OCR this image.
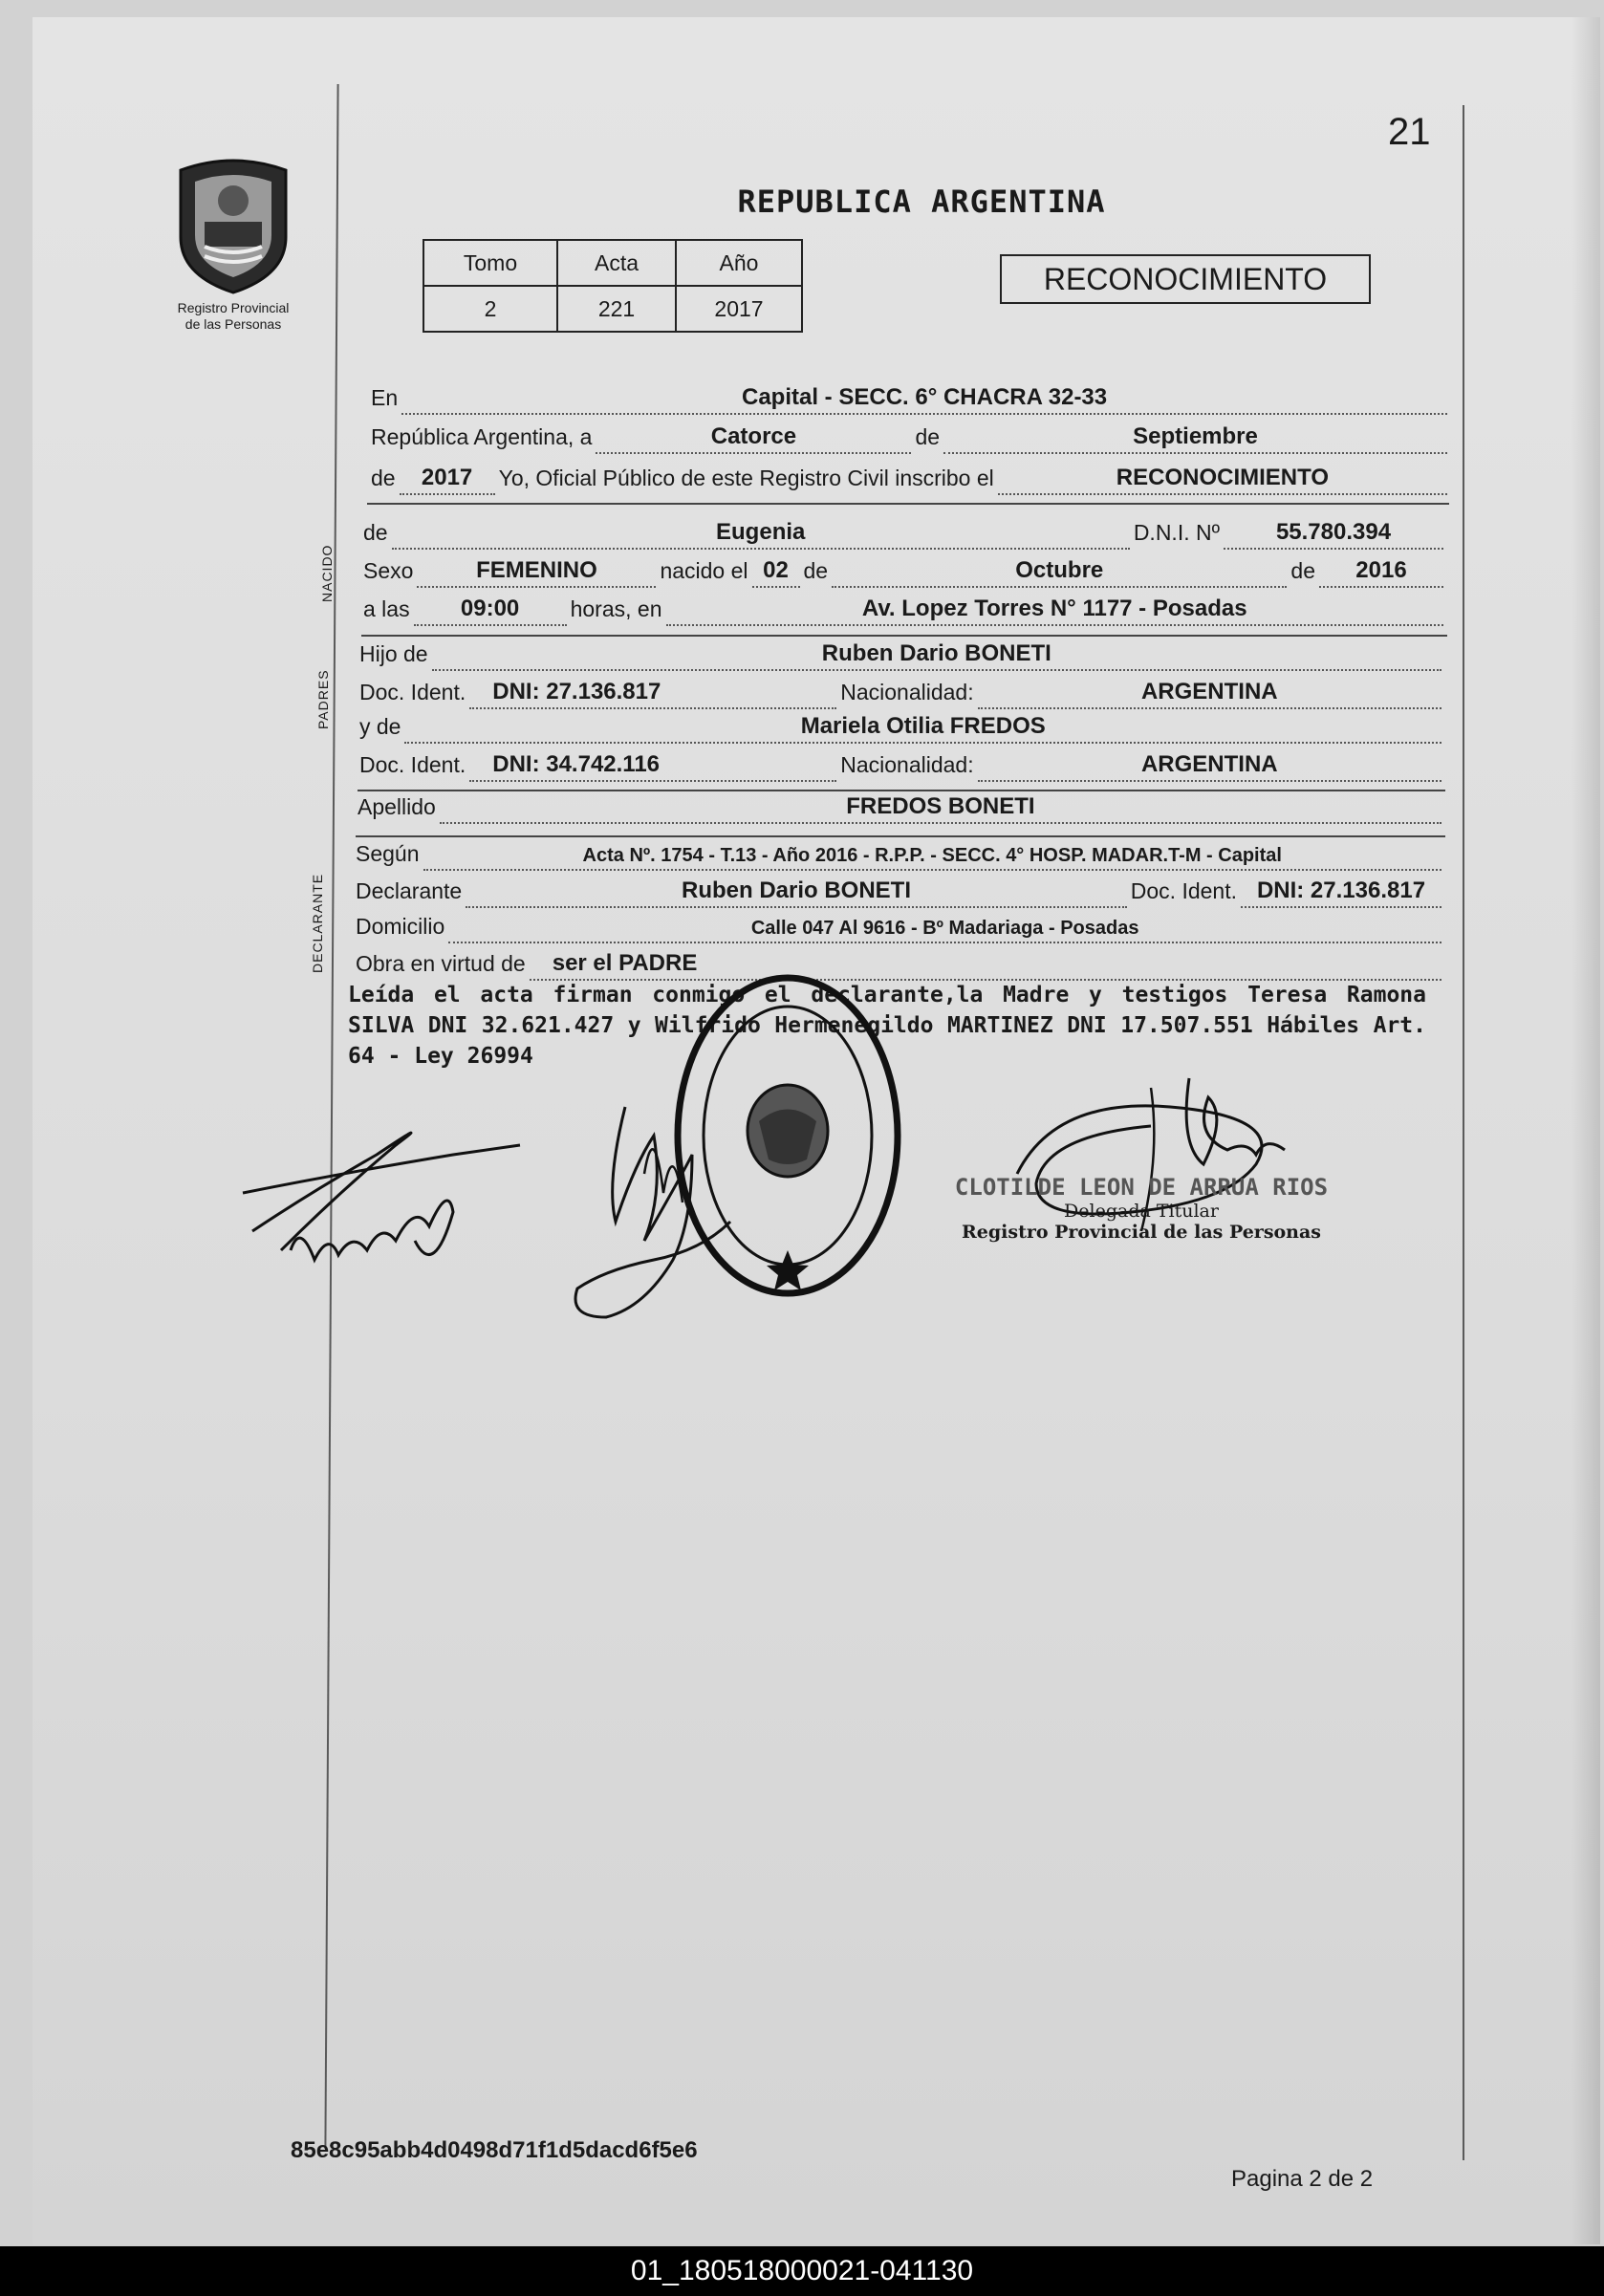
21
Registro Provincial
de las Personas
REPUBLICA ARGENTINA
Tomo	Acta	Año
2	221	2017
RECONOCIMIENTO
En	Capital - SECC. 6° CHACRA 32-33
República Argentina, a	Catorce	de	Septiembre
de	2017	Yo, Oficial Público de este Registro Civil inscribo el	RECONOCIMIENTO
NACIDO
de	Eugenia	D.N.I. Nº	55.780.394
Sexo	FEMENINO	nacido el 02 de	Octubre	de	2016
a las	09:00	horas, en	Av. Lopez Torres N° 1177 - Posadas
PADRES
Hijo de	Ruben Dario BONETI
Doc. Ident.	DNI: 27.136.817	Nacionalidad:	ARGENTINA
y de	Mariela Otilia FREDOS
Doc. Ident.	DNI: 34.742.116	Nacionalidad:	ARGENTINA
Apellido	FREDOS BONETI
DECLARANTE
Según	Acta Nº. 1754 - T.13 - Año 2016 - R.P.P. - SECC. 4° HOSP. MADAR.T-M - Capital
Declarante	Ruben Dario BONETI	Doc. Ident. DNI: 27.136.817
Domicilio	Calle 047 Al 9616 - Bº Madariaga - Posadas
Obra en virtud de	ser el PADRE
Leída el acta firman conmigo el declarante,la Madre y testigos Teresa Ramona SILVA DNI 32.621.427 y Wilfrido Hermenegildo MARTINEZ DNI 17.507.551 Hábiles Art. 64 - Ley 26994
CLOTILDE LEON DE ARRUA RIOS
Delegada Titular
Registro Provincial de las Personas
85e8c95abb4d0498d71f1d5dacd6f5e6
Pagina 2 de 2
01_180518000021-041130
